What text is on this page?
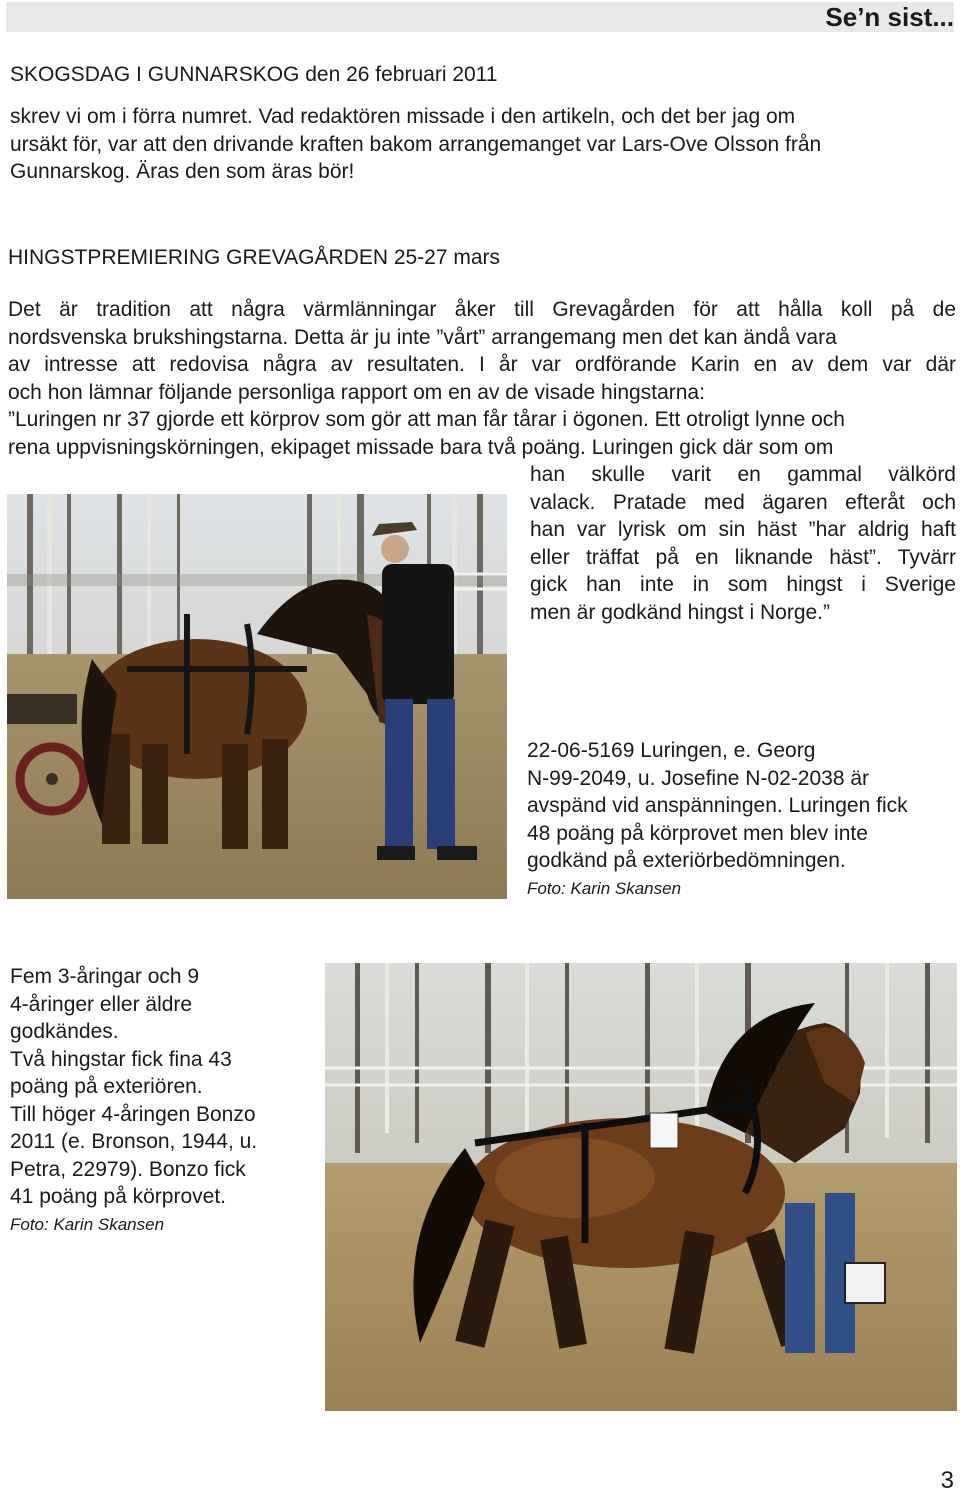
Se’n sist...
SKOGSDAG I GUNNARSKOG den 26 februari 2011
skrev vi om i förra numret. Vad redaktören missade i den artikeln, och det ber jag om
ursäkt för, var att den drivande kraften bakom arrangemanget var Lars-Ove Olsson från
Gunnarskog. Äras den som äras bör!
HINGSTPREMIERING GREVAGÅRDEN 25-27 mars
Det är tradition att några värmlänningar åker till Grevagården för att hålla koll på de
nordsvenska brukshingstarna. Detta är ju inte ”vårt” arrangemang men det kan ändå vara
av intresse att redovisa några av resultaten. I år var ordförande Karin en av dem var där
och hon lämnar följande personliga rapport om en av de visade hingstarna:
”Luringen nr 37 gjorde ett körprov som gör att man får tårar i ögonen. Ett otroligt lynne och
rena uppvisningskörningen, ekipaget missade bara två poäng. Luringen gick där som om
han skulle varit en gammal välkörd
valack. Pratade med ägaren efteråt och
han var lyrisk om sin häst ”har aldrig haft
eller träffat på en liknande häst”. Tyvärr
gick han inte in som hingst i Sverige
men är godkänd hingst i Norge.”
22-06-5169 Luringen, e. Georg
N-99-2049, u. Josefine N-02-2038 är
avspänd vid anspänningen. Luringen fick
48 poäng på körprovet men blev inte
godkänd på exteriörbedömningen.
Foto: Karin Skansen
Fem 3-åringar och 9
4-åringer eller äldre
godkändes.
Två hingstar fick fina 43
poäng på exteriören.
Till höger 4-åringen Bonzo
2011 (e. Bronson, 1944, u.
Petra, 22979). Bonzo fick
41 poäng på körprovet.
Foto: Karin Skansen
3
